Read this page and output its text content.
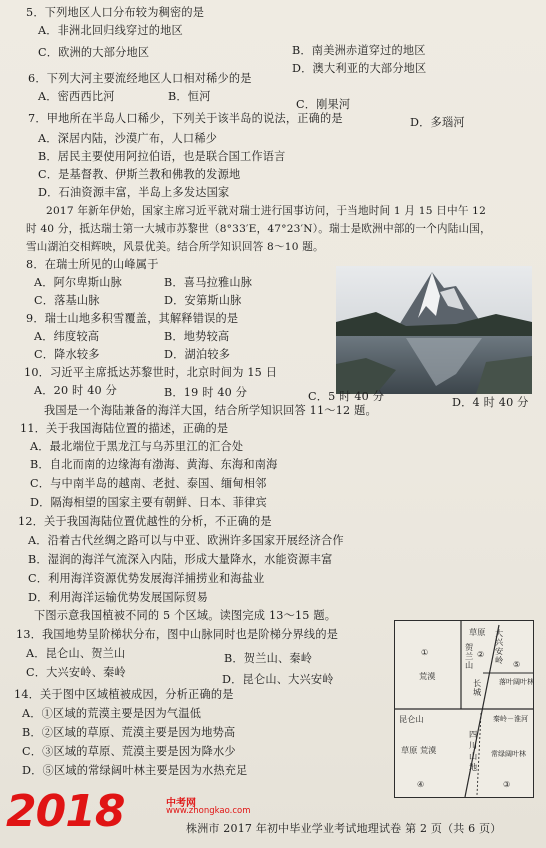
5．下列地区人口分布较为稠密的是
A．非洲北回归线穿过的地区
B．南美洲赤道穿过的地区
C．欧洲的大部分地区
D．澳大利亚的大部分地区
6．下列大河主要流经地区人口相对稀少的是
A．密西西比河	B．恒河
C．刚果河
D．多瑙河
7．甲地所在半岛人口稀少，下列关于该半岛的说法，正确的是
A．深居内陆，沙漠广布，人口稀少
B．居民主要使用阿拉伯语，也是联合国工作语言
C．是基督教、伊斯兰教和佛教的发源地
D．石油资源丰富，半岛上多发达国家
2017 年新年伊始，国家主席习近平就对瑞士进行国事访问，于当地时间 1 月 15 日中午 12
时 40 分，抵达瑞士第一大城市苏黎世（8°33′E，47°23′N）。瑞士是欧洲中部的一个内陆山国，
雪山湖泊交相辉映，风景优美。结合所学知识回答 8～10 题。
8．在瑞士所见的山峰属于
A．阿尔卑斯山脉	B．喜马拉雅山脉
C．落基山脉	D．安第斯山脉
9．瑞士山地多积雪覆盖，其解释错误的是
A．纬度较高	B．地势较高
C．降水较多	D．湖泊较多
10．习近平主席抵达苏黎世时，北京时间为 15 日
A．20 时 40 分	B．19 时 40 分	C．5 时 40 分	D．4 时 40 分
我国是一个海陆兼备的海洋大国，结合所学知识回答 11～12 题。
11．关于我国海陆位置的描述，正确的是
A．最北端位于黑龙江与乌苏里江的汇合处
B．自北而南的边缘海有渤海、黄海、东海和南海
C．与中南半岛的越南、老挝、泰国、缅甸相邻
D．隔海相望的国家主要有朝鲜、日本、菲律宾
12．关于我国海陆位置优越性的分析，不正确的是
A．沿着古代丝绸之路可以与中亚、欧洲许多国家开展经济合作
B．湿润的海洋气流深入内陆，形成大量降水，水能资源丰富
C．利用海洋资源优势发展海洋捕捞业和海盐业
D．利用海洋运输优势发展国际贸易
下图示意我国植被不同的 5 个区域。读图完成 13～15 题。
13．我国地势呈阶梯状分布，图中山脉同时也是阶梯分界线的是
A．昆仑山、贺兰山	B．贺兰山、秦岭
C．大兴安岭、秦岭
D．昆仑山、大兴安岭
14．关于图中区域植被成因，分析正确的是
A．①区域的荒漠主要是因为气温低
B．②区域的草原、荒漠主要是因为地势高
C．③区域的草原、荒漠主要是因为降水少
D．⑤区域的常绿阔叶林主要是因为水热充足
①
荒漠
草原
贺兰山
大兴安岭
②
长城
⑤
落叶阔叶林
昆仑山	秦岭－淮河
草原 荒漠
④
四川山地
常绿阔叶林
③
株洲市 2017 年初中毕业学业考试地理试卷 第 2 页（共 6 页）
2018	中考网
www.zhongkao.com
